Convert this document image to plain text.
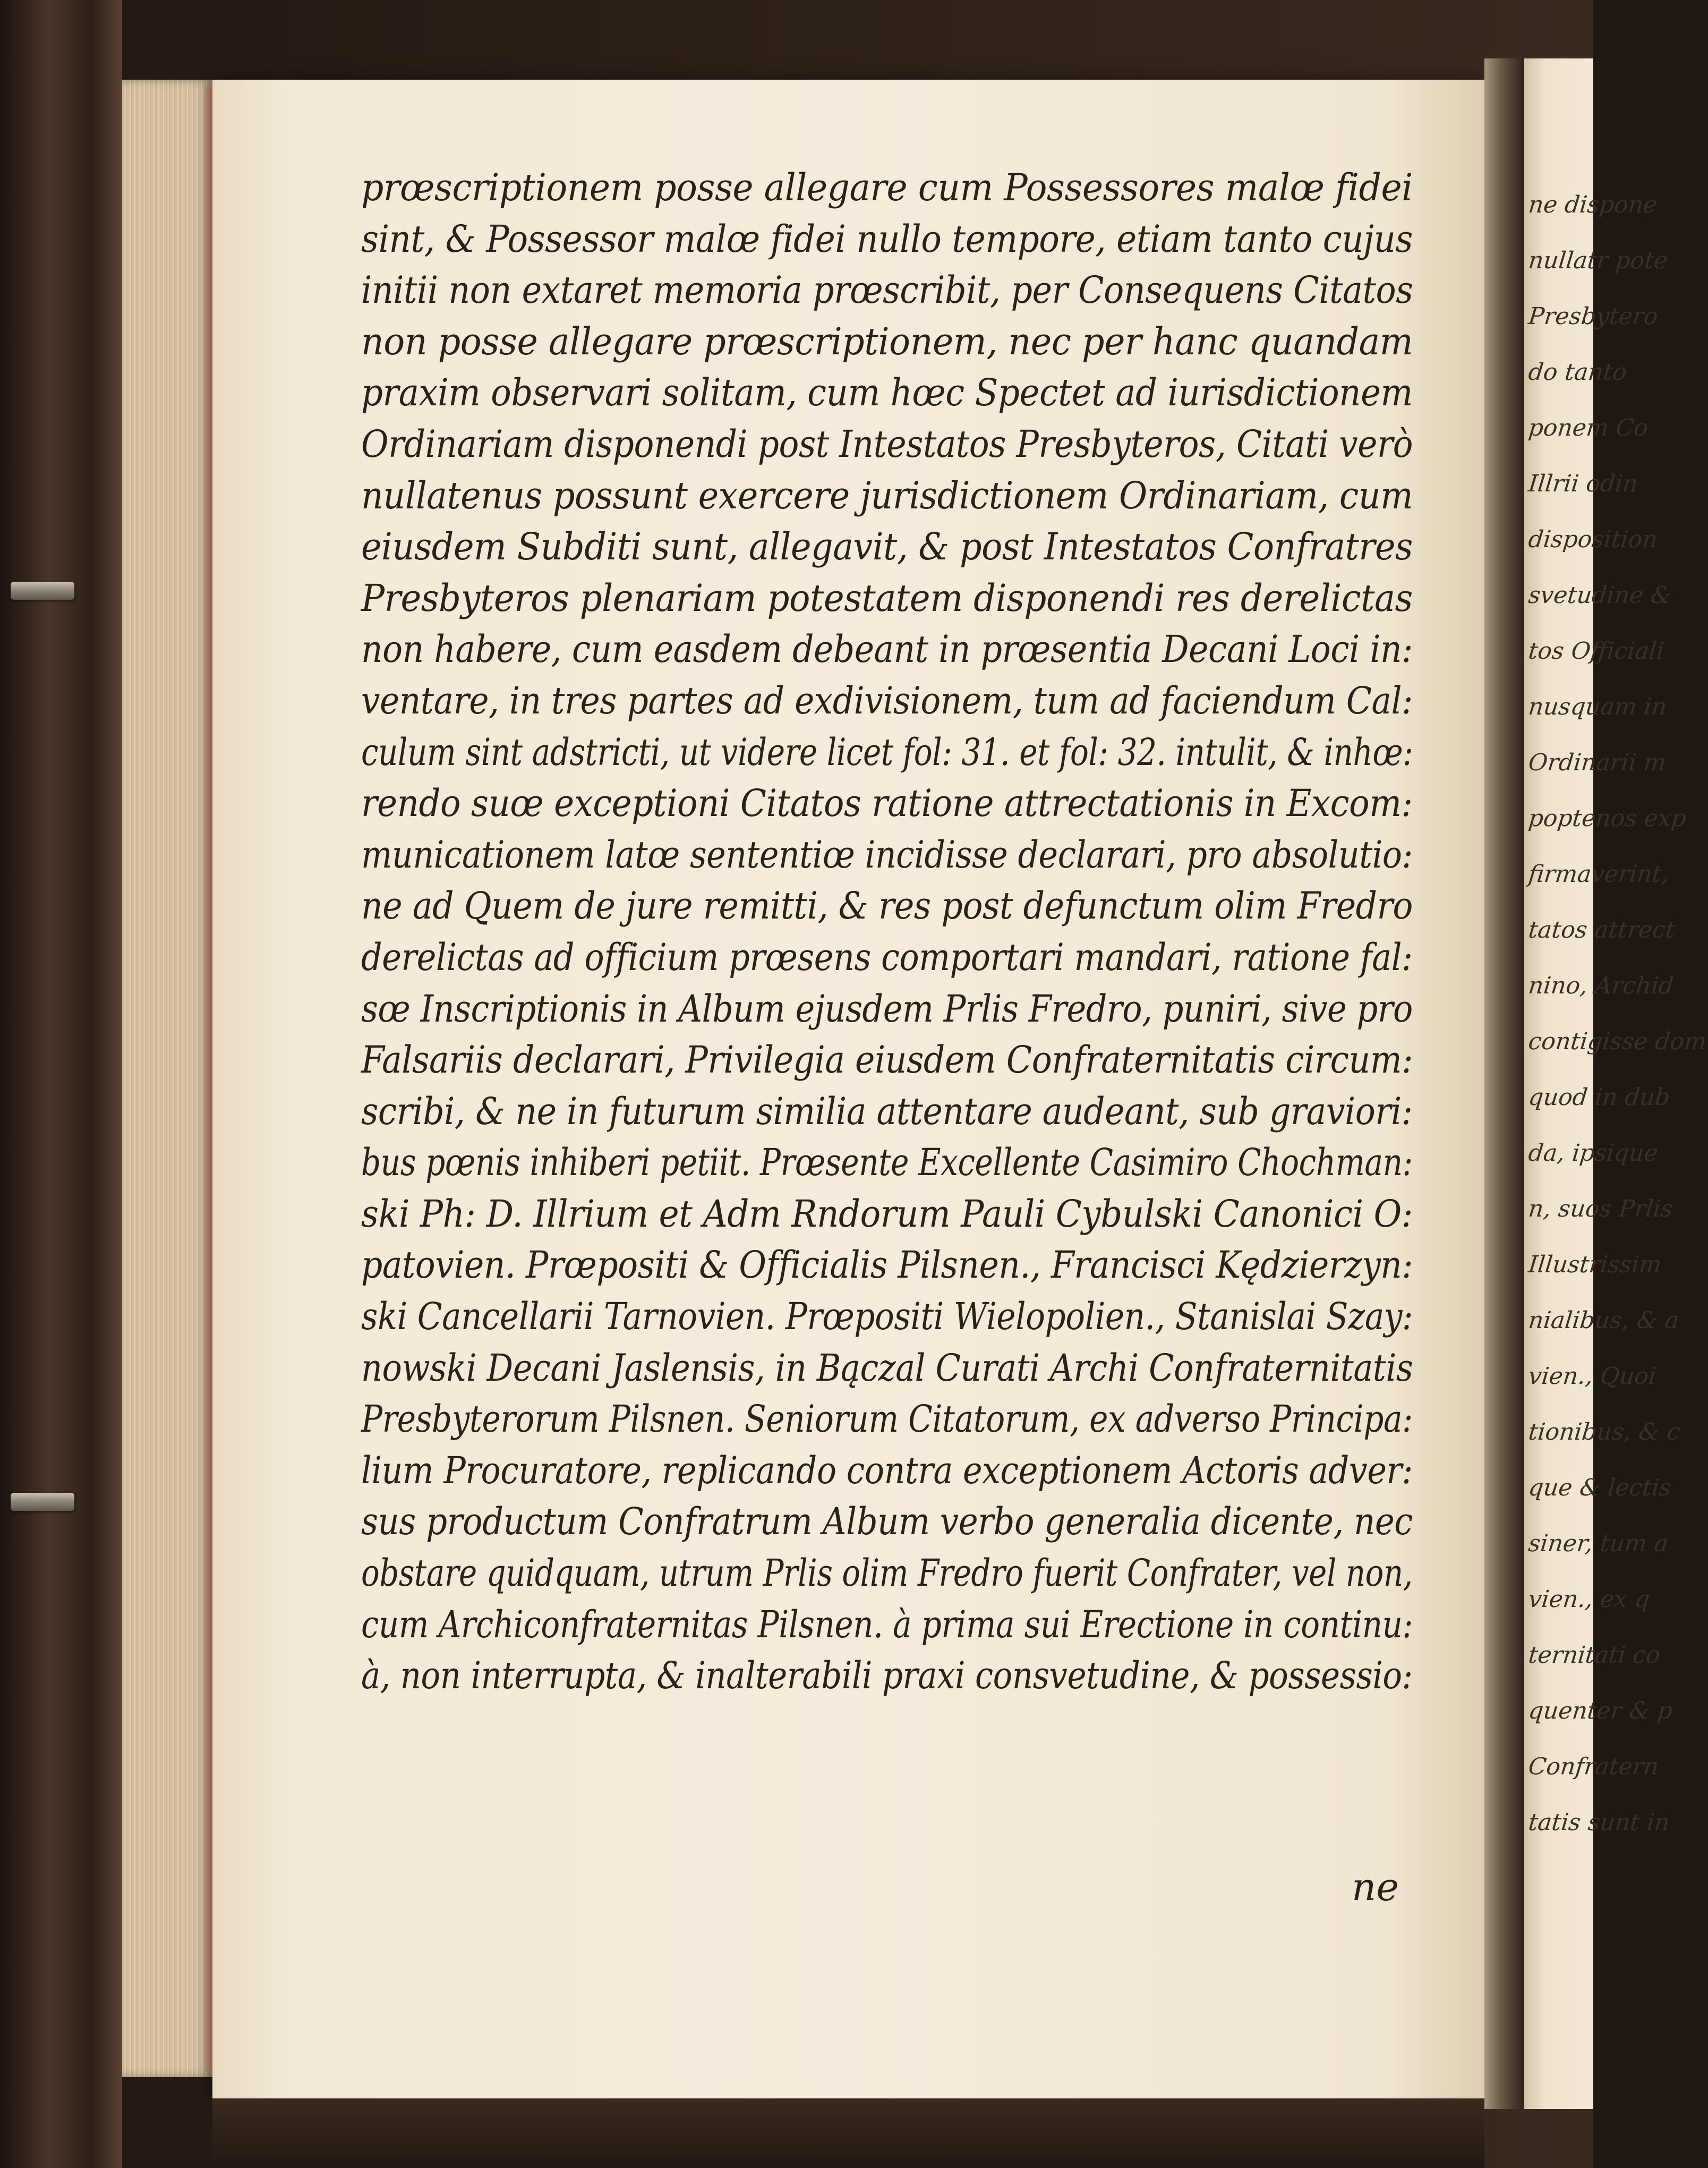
prœscriptionem posse allegare cum Possessores malœ fidei
sint, & Possessor malœ fidei nullo tempore, etiam tanto cujus
initii non extaret memoria prœscribit, per Consequens Citatos
non posse allegare prœscriptionem, nec per hanc quandam
praxim observari solitam, cum hœc Spectet ad iurisdictionem
Ordinariam disponendi post Intestatos Presbyteros, Citati verò
nullatenus possunt exercere jurisdictionem Ordinariam, cum
eiusdem Subditi sunt, allegavit, & post Intestatos Confratres
Presbyteros plenariam potestatem disponendi res derelictas
non habere, cum easdem debeant in prœsentia Decani Loci in:
ventare, in tres partes ad exdivisionem, tum ad faciendum Cal:
culum sint adstricti, ut videre licet fol: 31. et fol: 32. intulit, & inhœ:
rendo suœ exceptioni Citatos ratione attrectationis in Excom:
municationem latœ sententiœ incidisse declarari, pro absolutio:
ne ad Quem de jure remitti, & res post defunctum olim Fredro
derelictas ad officium prœsens comportari mandari, ratione fal:
sœ Inscriptionis in Album ejusdem Prlis Fredro, puniri, sive pro
Falsariis declarari, Privilegia eiusdem Confraternitatis circum:
scribi, & ne in futurum similia attentare audeant, sub graviori:
bus pœnis inhiberi petiit. Prœsente Excellente Casimiro Chochman:
ski Ph: D. Illrium et Adm Rndorum Pauli Cybulski Canonici O:
patovien. Prœpositi & Officialis Pilsnen., Francisci Kędzierzyn:
ski Cancellarii Tarnovien. Prœpositi Wielopolien., Stanislai Szay:
nowski Decani Jaslensis, in Bączal Curati Archi Confraternitatis
Presbyterorum Pilsnen. Seniorum Citatorum, ex adverso Principa:
lium Procuratore, replicando contra exceptionem Actoris adver:
sus productum Confratrum Album verbo generalia dicente, nec
obstare quidquam, utrum Prlis olim Fredro fuerit Confrater, vel non,
cum Archiconfraternitas Pilsnen. à prima sui Erectione in continu:
à, non interrupta, & inalterabili praxi consvetudine, & possessio:
ne
ne dispone
nullatr pote
Presbytero
do tanto
ponem Co
Illrii odin
disposition
svetudine &
tos Officiali
nusquam in
Ordinarii m
poptenos exp
firmaverint,
tatos attrect
nino, Archid
contigisse dom
quod in dub
da, ipsique
n, suos Prlis
Illustrissim
nialibus, & a
vien., Quoi
tionibus, & c
que & lectis
siner, tum a
vien., ex q
ternitati co
quenter & p
Confratern
tatis sunt in
